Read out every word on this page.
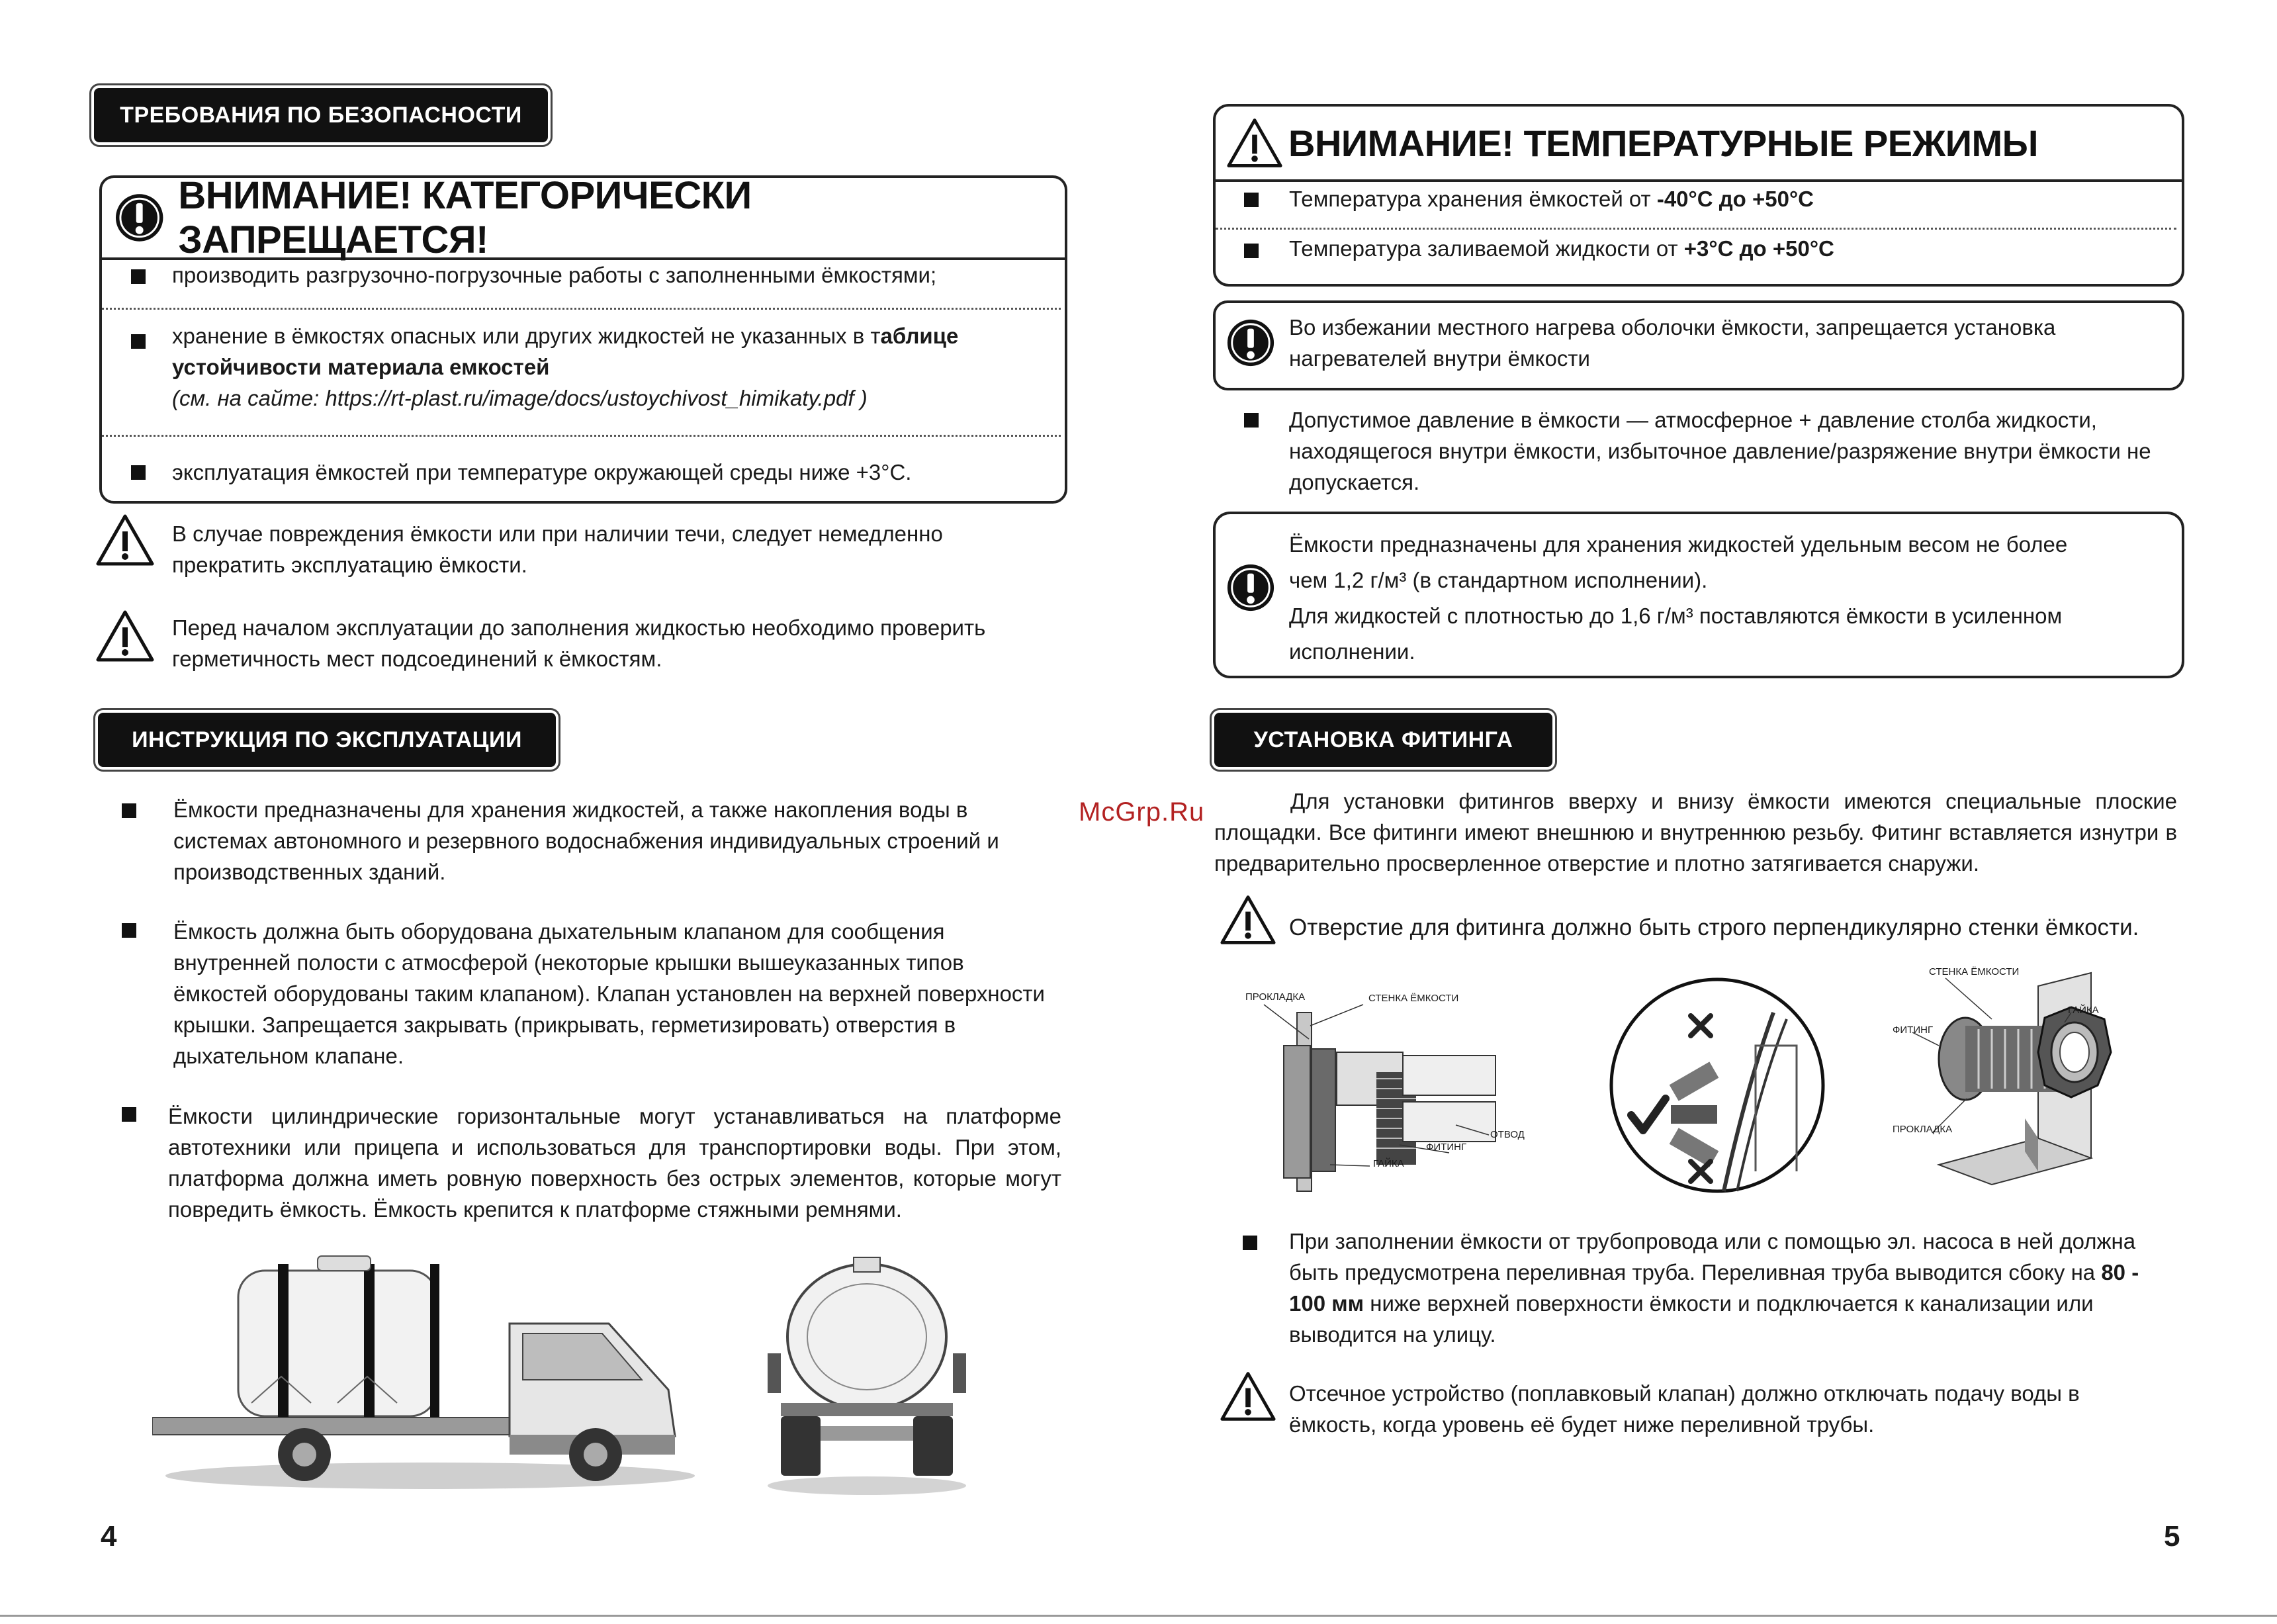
ТРЕБОВАНИЯ ПО БЕЗОПАСНОСТИ
ВНИМАНИЕ! КАТЕГОРИЧЕСКИ ЗАПРЕЩАЕТСЯ!
производить разгрузочно-погрузочные работы с заполненными ёмкостями;
хранение в ёмкостях опасных или других жидкостей не указанных в таблице устойчивости материала емкостей
(см. на сайте: https://rt-plast.ru/image/docs/ustoychivost_himikaty.pdf )
эксплуатация ёмкостей при температуре окружающей среды ниже +3°С.
В случае повреждения ёмкости или при наличии течи, следует немедленно прекратить эксплуатацию ёмкости.
Перед началом эксплуатации до заполнения жидкостью необходимо проверить герметичность мест подсоединений к ёмкостям.
ИНСТРУКЦИЯ ПО ЭКСПЛУАТАЦИИ
Ёмкости предназначены для хранения жидкостей, а также накопления воды в системах автономного и резервного водоснабжения индивидуальных строений и производственных зданий.
Ёмкость должна быть оборудована дыхательным клапаном для сообщения внутренней полости с атмосферой (некоторые крышки вышеуказанных типов ёмкостей оборудованы таким клапаном). Клапан установлен на верхней поверхности крышки. Запрещается закрывать (прикрывать, герметизировать) отверстия в дыхательном клапане.
Ёмкости цилиндрические горизонтальные могут устанавливаться на платформе автотехники или прицепа и использоваться для транспортировки воды. При этом, платформа должна иметь ровную поверхность без острых элементов, которые могут повредить ёмкость. Ёмкость крепится к платформе стяжными ремнями.
4
McGrp.Ru
ВНИМАНИЕ! ТЕМПЕРАТУРНЫЕ РЕЖИМЫ
Температура хранения ёмкостей от -40°С до +50°С
Температура заливаемой жидкости от +3°С до +50°С
Во избежании местного нагрева оболочки ёмкости, запрещается установка нагревателей внутри ёмкости
Допустимое давление в ёмкости — атмосферное + давление столба жидкости, находящегося внутри ёмкости, избыточное давление/разряжение внутри ёмкости не допускается.
Ёмкости предназначены для хранения жидкостей удельным весом не более
чем 1,2 г/м³ (в стандартном исполнении).
Для жидкостей с плотностью до 1,6 г/м³ поставляются ёмкости в усиленном
исполнении.
УСТАНОВКА ФИТИНГА
Для установки фитингов вверху и внизу ёмкости имеются специальные плоские площадки. Все фитинги имеют внешнюю и внутреннюю резьбу. Фитинг вставляется изнутри в предварительно просверленное отверстие и плотно затягивается снаружи.
Отверстие для фитинга должно быть строго перпендикулярно стенки ёмкости.
ПРОКЛАДКА	СТЕНКА ЁМКОСТИ
ОТВОД
ФИТИНГ
ГАЙКА
СТЕНКА ЁМКОСТИ
ГАЙКА
ФИТИНГ
ПРОКЛАДКА
При заполнении ёмкости от трубопровода или с помощью эл. насоса в ней должна быть предусмотрена переливная труба. Переливная труба выводится сбоку на 80 - 100 мм ниже верхней поверхности ёмкости и подключается к канализации или выводится на улицу.
Отсечное устройство (поплавковый клапан) должно отключать подачу воды в ёмкость, когда уровень её будет ниже переливной трубы.
5
